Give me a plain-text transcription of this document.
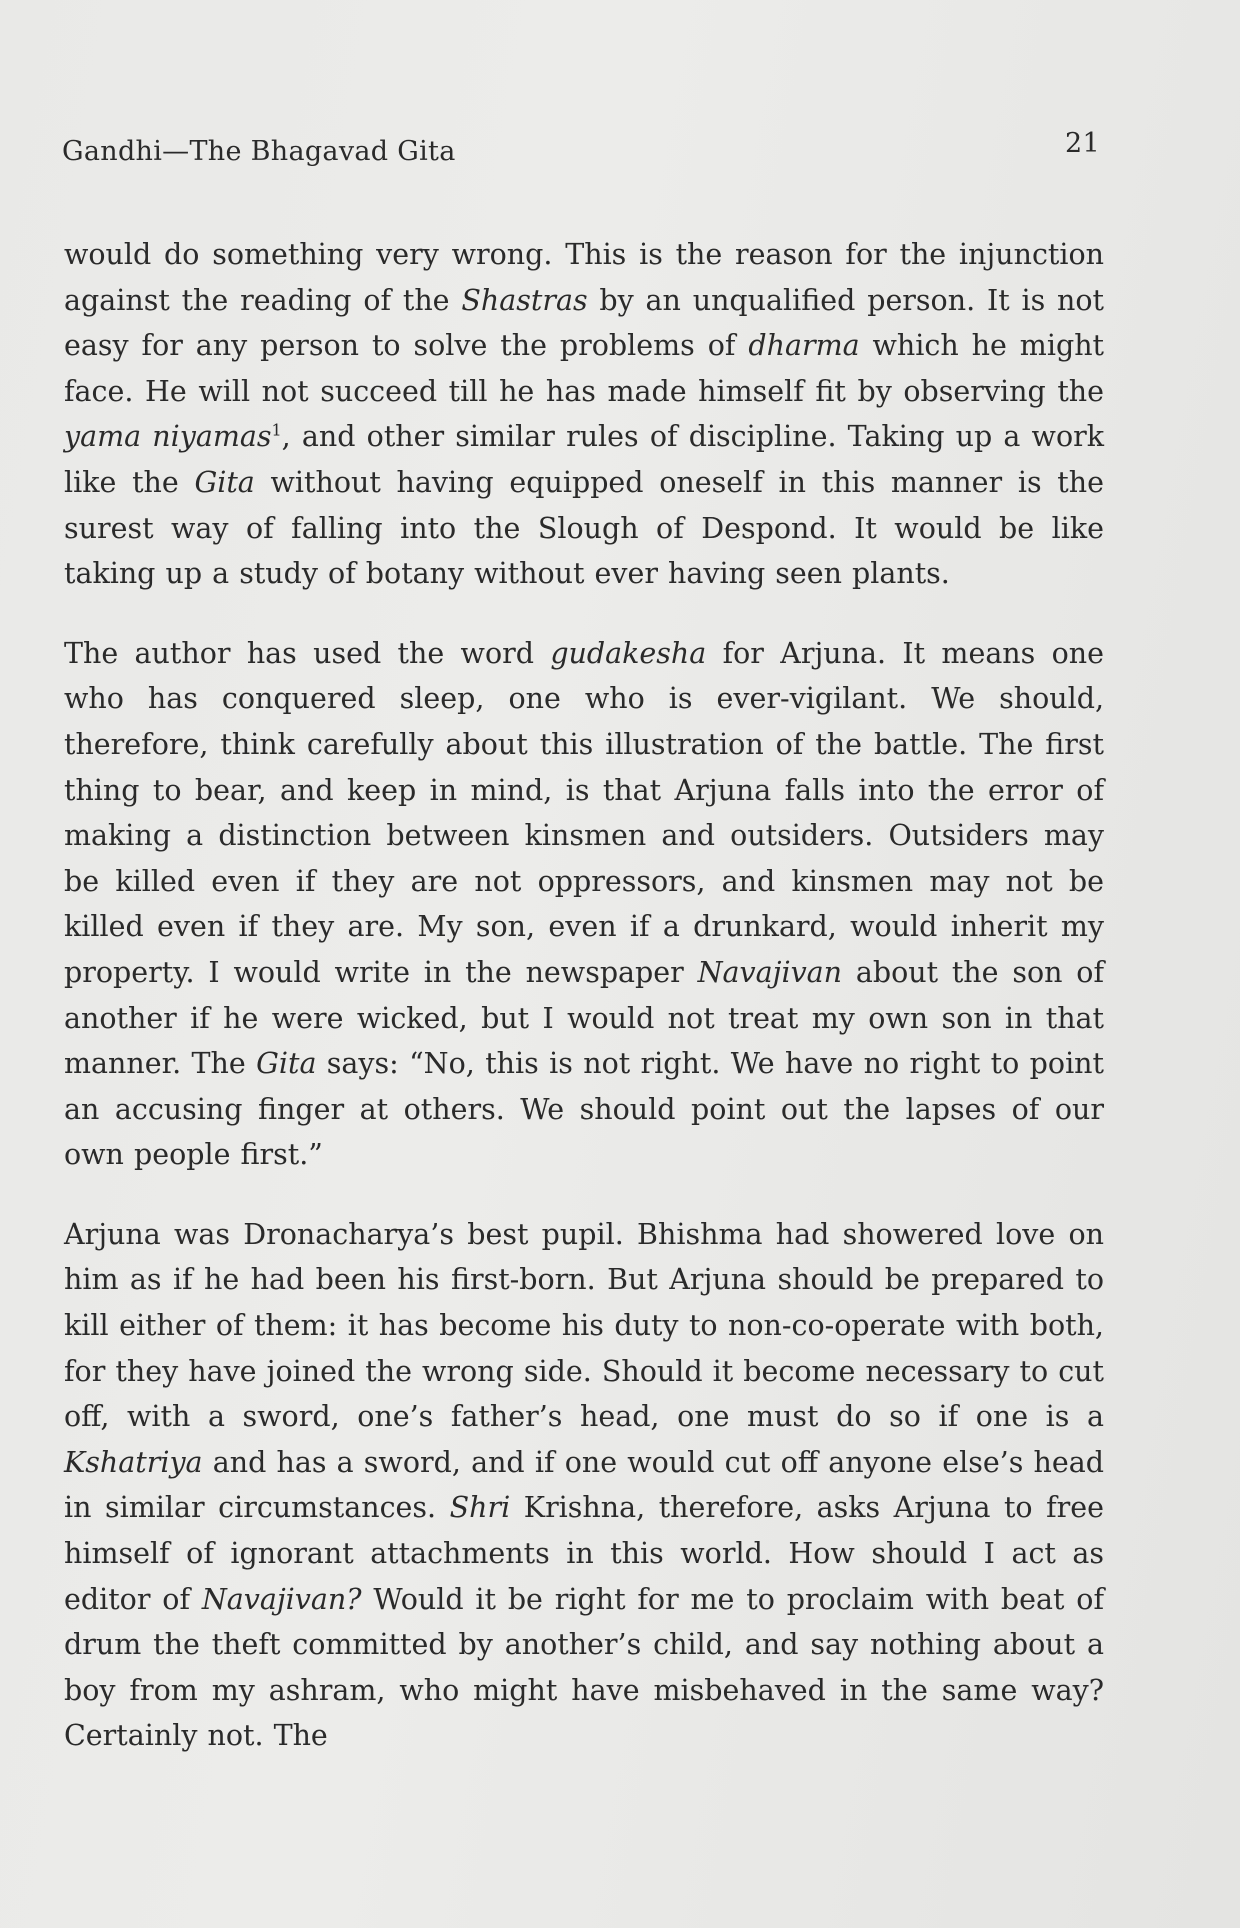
Gandhi—The Bhagavad Gita	21

would do something very wrong. This is the reason for the injunction against the reading of the Shastras by an unqualified person. It is not easy for any person to solve the problems of dharma which he might face. He will not succeed till he has made himself fit by observing the yama niyamas$^1$, and other similar rules of discipline. Taking up a work like the Gita without having equipped oneself in this manner is the surest way of falling into the Slough of Despond. It would be like taking up a study of botany without ever having seen plants.

The author has used the word gudakesha for Arjuna. It means one who has conquered sleep, one who is ever-vigilant. We should, therefore, think carefully about this illustration of the battle. The first thing to bear, and keep in mind, is that Arjuna falls into the error of making a distinction between kinsmen and outsiders. Outsiders may be killed even if they are not oppressors, and kinsmen may not be killed even if they are. My son, even if a drunkard, would inherit my property. I would write in the newspaper Navajivan about the son of another if he were wicked, but I would not treat my own son in that manner. The Gita says: “No, this is not right. We have no right to point an accusing finger at others. We should point out the lapses of our own people first.”

Arjuna was Dronacharya’s best pupil. Bhishma had showered love on him as if he had been his first-born. But Arjuna should be prepared to kill either of them: it has become his duty to non-co-operate with both, for they have joined the wrong side. Should it become necessary to cut off, with a sword, one’s father’s head, one must do so if one is a Kshatriya and has a sword, and if one would cut off anyone else’s head in similar circumstances. Shri Krishna, therefore, asks Arjuna to free himself of ignorant attachments in this world. How should I act as editor of Navajivan? Would it be right for me to proclaim with beat of drum the theft committed by another’s child, and say nothing about a boy from my ashram, who might have misbehaved in the same way? Certainly not. The
